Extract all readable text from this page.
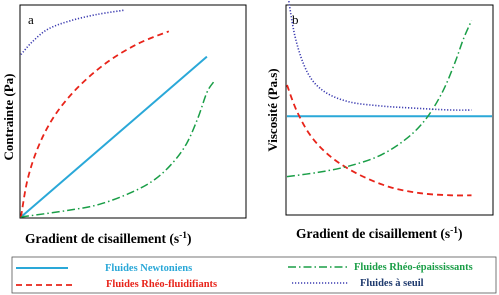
a
Contrainte (Pa)
Gradient de cisaillement $(s^{-1})$
b
Viscosité (Pa.s)
Gradient de cisaillement $(s^{-1})$
Fluides Newtoniens	Fluides Rhéo-épaississants
Fluides Rhéo-fluidifiants	Fluides à seuil
